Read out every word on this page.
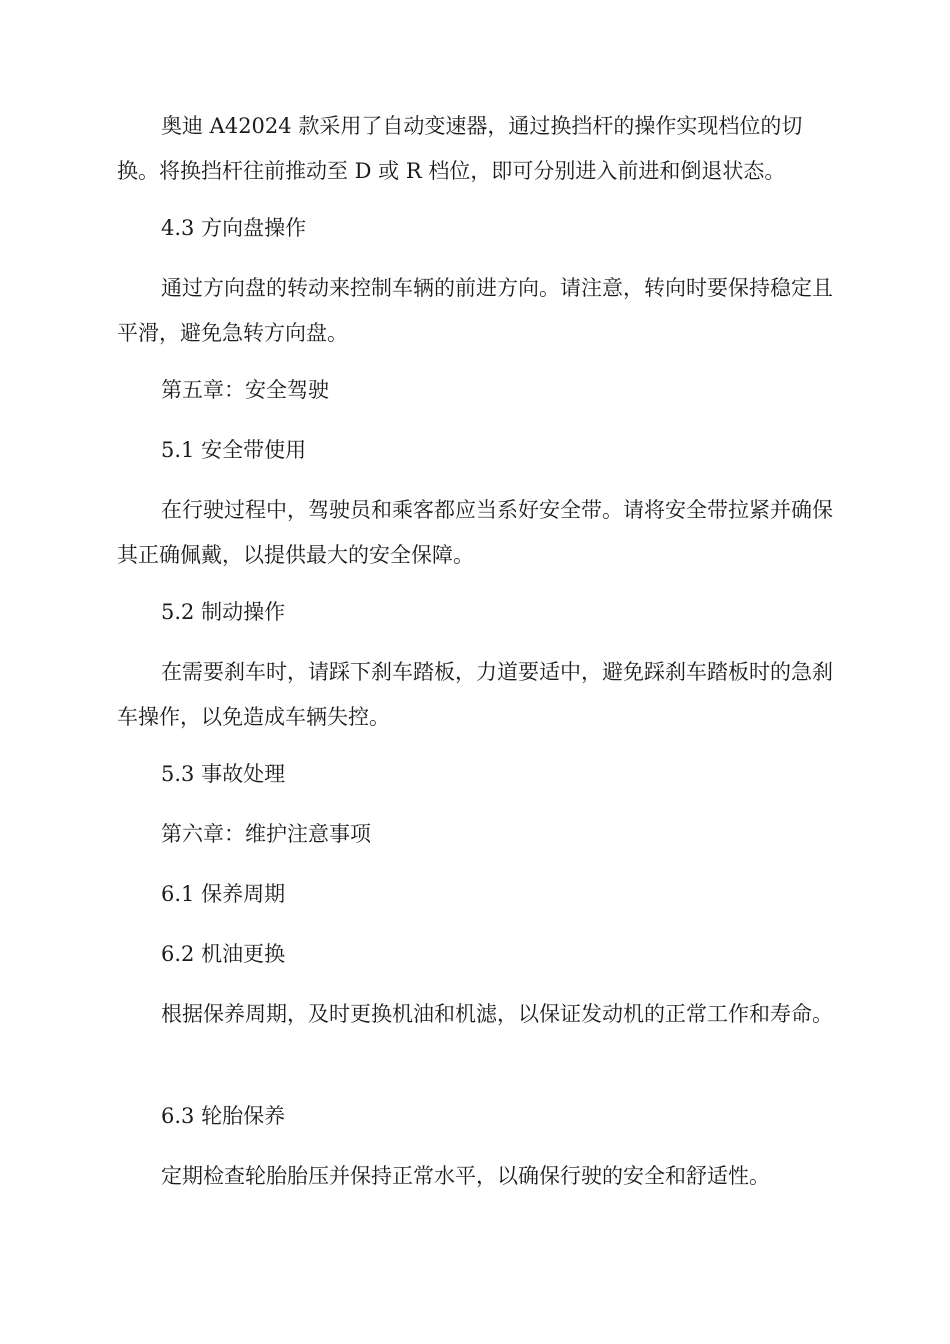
奥迪 A42024 款采用了自动变速器，通过换挡杆的操作实现档位的切换。将换挡杆往前推动至 D 或 R 档位，即可分别进入前进和倒退状态。

4.3 方向盘操作

通过方向盘的转动来控制车辆的前进方向。请注意，转向时要保持稳定且平滑，避免急转方向盘。

第五章：安全驾驶

5.1 安全带使用

在行驶过程中，驾驶员和乘客都应当系好安全带。请将安全带拉紧并确保其正确佩戴，以提供最大的安全保障。

5.2 制动操作

在需要刹车时，请踩下刹车踏板，力道要适中，避免踩刹车踏板时的急刹车操作，以免造成车辆失控。

5.3 事故处理

第六章：维护注意事项

6.1 保养周期

6.2 机油更换

根据保养周期，及时更换机油和机滤，以保证发动机的正常工作和寿命。

6.3 轮胎保养

定期检查轮胎胎压并保持正常水平，以确保行驶的安全和舒适性。
